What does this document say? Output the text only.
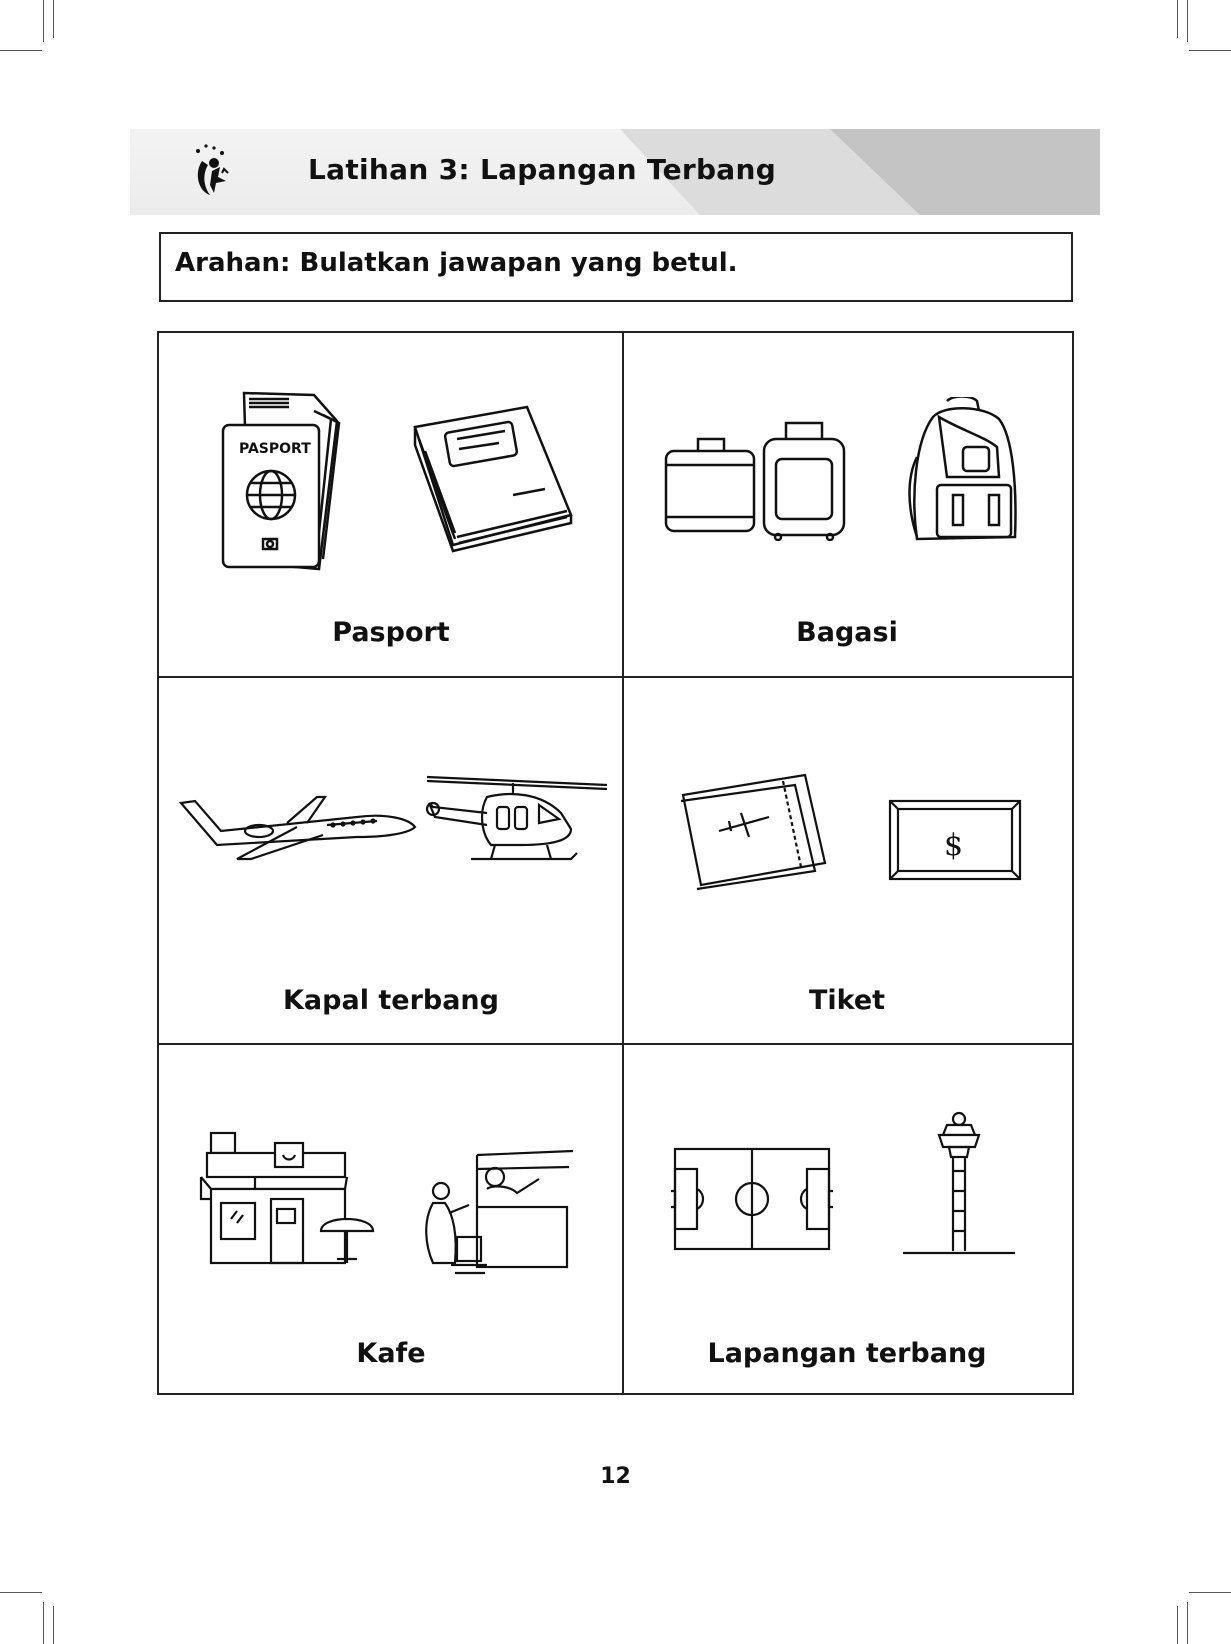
Latihan 3: Lapangan Terbang
Arahan: Bulatkan jawapan yang betul.
PASPORT
Pasport	Bagasi
Kapal terbang
$
Tiket
Kafe	Lapangan terbang
12
